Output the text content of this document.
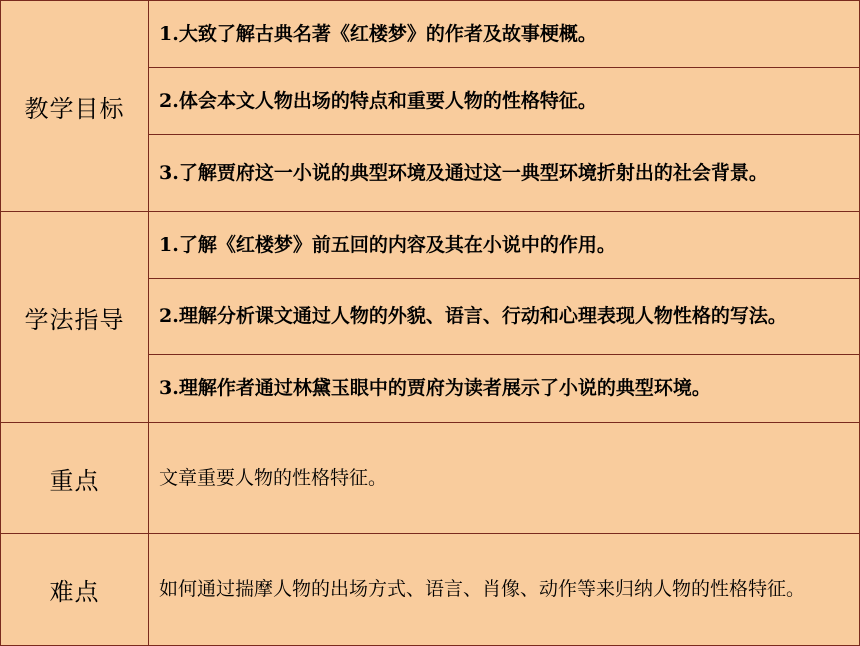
教学目标	1.大致了解古典名著《红楼梦》的作者及故事梗概。
	2.体会本文人物出场的特点和重要人物的性格特征。
	3.了解贾府这一小说的典型环境及通过这一典型环境折射出的社会背景。
学法指导	1.了解《红楼梦》前五回的内容及其在小说中的作用。
	2.理解分析课文通过人物的外貌、语言、行动和心理表现人物性格的写法。
	3.理解作者通过林黛玉眼中的贾府为读者展示了小说的典型环境。
重点	文章重要人物的性格特征。
难点	如何通过揣摩人物的出场方式、语言、肖像、动作等来归纳人物的性格特征。
